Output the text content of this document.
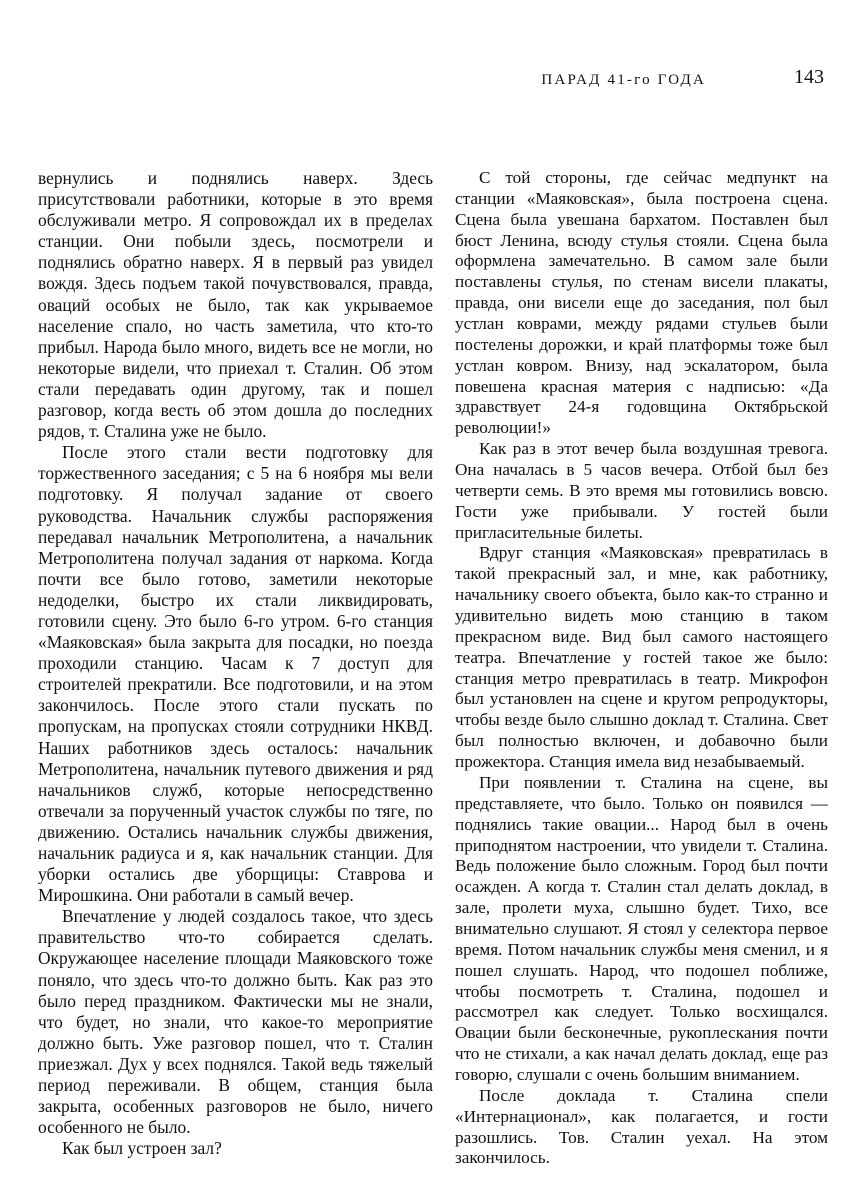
ПАРАД 41-го ГОДА	143

вернулись и поднялись наверх. Здесь присутствовали работники, которые в это время обслуживали метро. Я сопровождал их в пределах станции. Они побыли здесь, посмотрели и поднялись обратно наверх. Я в первый раз увидел вождя. Здесь подъем такой почувствовался, правда, оваций особых не было, так как укрываемое население спало, но часть заметила, что кто-то прибыл. Народа было много, видеть все не могли, но некоторые видели, что приехал т. Сталин. Об этом стали передавать один другому, так и пошел разговор, когда весть об этом дошла до последних рядов, т. Сталина уже не было.

После этого стали вести подготовку для торжественного заседания; с 5 на 6 ноября мы вели подготовку. Я получал задание от своего руководства. Начальник службы распоряжения передавал начальник Метрополитена, а начальник Метрополитена получал задания от наркома. Когда почти все было готово, заметили некоторые недоделки, быстро их стали ликвидировать, готовили сцену. Это было 6-го утром. 6-го станция «Маяковская» была закрыта для посадки, но поезда проходили станцию. Часам к 7 доступ для строителей прекратили. Все подготовили, и на этом закончилось. После этого стали пускать по пропускам, на пропусках стояли сотрудники НКВД. Наших работников здесь осталось: начальник Метрополитена, начальник путевого движения и ряд начальников служб, которые непосредственно отвечали за порученный участок службы по тяге, по движению. Остались начальник службы движения, начальник радиуса и я, как начальник станции. Для уборки остались две уборщицы: Ставрова и Мирошкина. Они работали в самый вечер.

Впечатление у людей создалось такое, что здесь правительство что-то собирается сделать. Окружающее население площади Маяковского тоже поняло, что здесь что-то должно быть. Как раз это было перед праздником. Фактически мы не знали, что будет, но знали, что какое-то мероприятие должно быть. Уже разговор пошел, что т. Сталин приезжал. Дух у всех поднялся. Такой ведь тяжелый период переживали. В общем, станция была закрыта, особенных разговоров не было, ничего особенного не было.

Как был устроен зал?

С той стороны, где сейчас медпункт на станции «Маяковская», была построена сцена. Сцена была увешана бархатом. Поставлен был бюст Ленина, всюду стулья стояли. Сцена была оформлена замечательно. В самом зале были поставлены стулья, по стенам висели плакаты, правда, они висели еще до заседания, пол был устлан коврами, между рядами стульев были постелены дорожки, и край платформы тоже был устлан ковром. Внизу, над эскалатором, была повешена красная материя с надписью: «Да здравствует 24-я годовщина Октябрьской революции!»

Как раз в этот вечер была воздушная тревога. Она началась в 5 часов вечера. Отбой был без четверти семь. В это время мы готовились вовсю. Гости уже прибывали. У гостей были пригласительные билеты.

Вдруг станция «Маяковская» превратилась в такой прекрасный зал, и мне, как работнику, начальнику своего объекта, было как-то странно и удивительно видеть мою станцию в таком прекрасном виде. Вид был самого настоящего театра. Впечатление у гостей такое же было: станция метро превратилась в театр. Микрофон был установлен на сцене и кругом репродукторы, чтобы везде было слышно доклад т. Сталина. Свет был полностью включен, и добавочно были прожектора. Станция имела вид незабываемый.

При появлении т. Сталина на сцене, вы представляете, что было. Только он появился — поднялись такие овации... Народ был в очень приподнятом настроении, что увидели т. Сталина. Ведь положение было сложным. Город был почти осажден. А когда т. Сталин стал делать доклад, в зале, пролети муха, слышно будет. Тихо, все внимательно слушают. Я стоял у селектора первое время. Потом начальник службы меня сменил, и я пошел слушать. Народ, что подошел поближе, чтобы посмотреть т. Сталина, подошел и рассмотрел как следует. Только восхищался. Овации были бесконечные, рукоплескания почти что не стихали, а как начал делать доклад, еще раз говорю, слушали с очень большим вниманием.

После доклада т. Сталина спели «Интернационал», как полагается, и гости разошлись. Тов. Сталин уехал. На этом закончилось.
